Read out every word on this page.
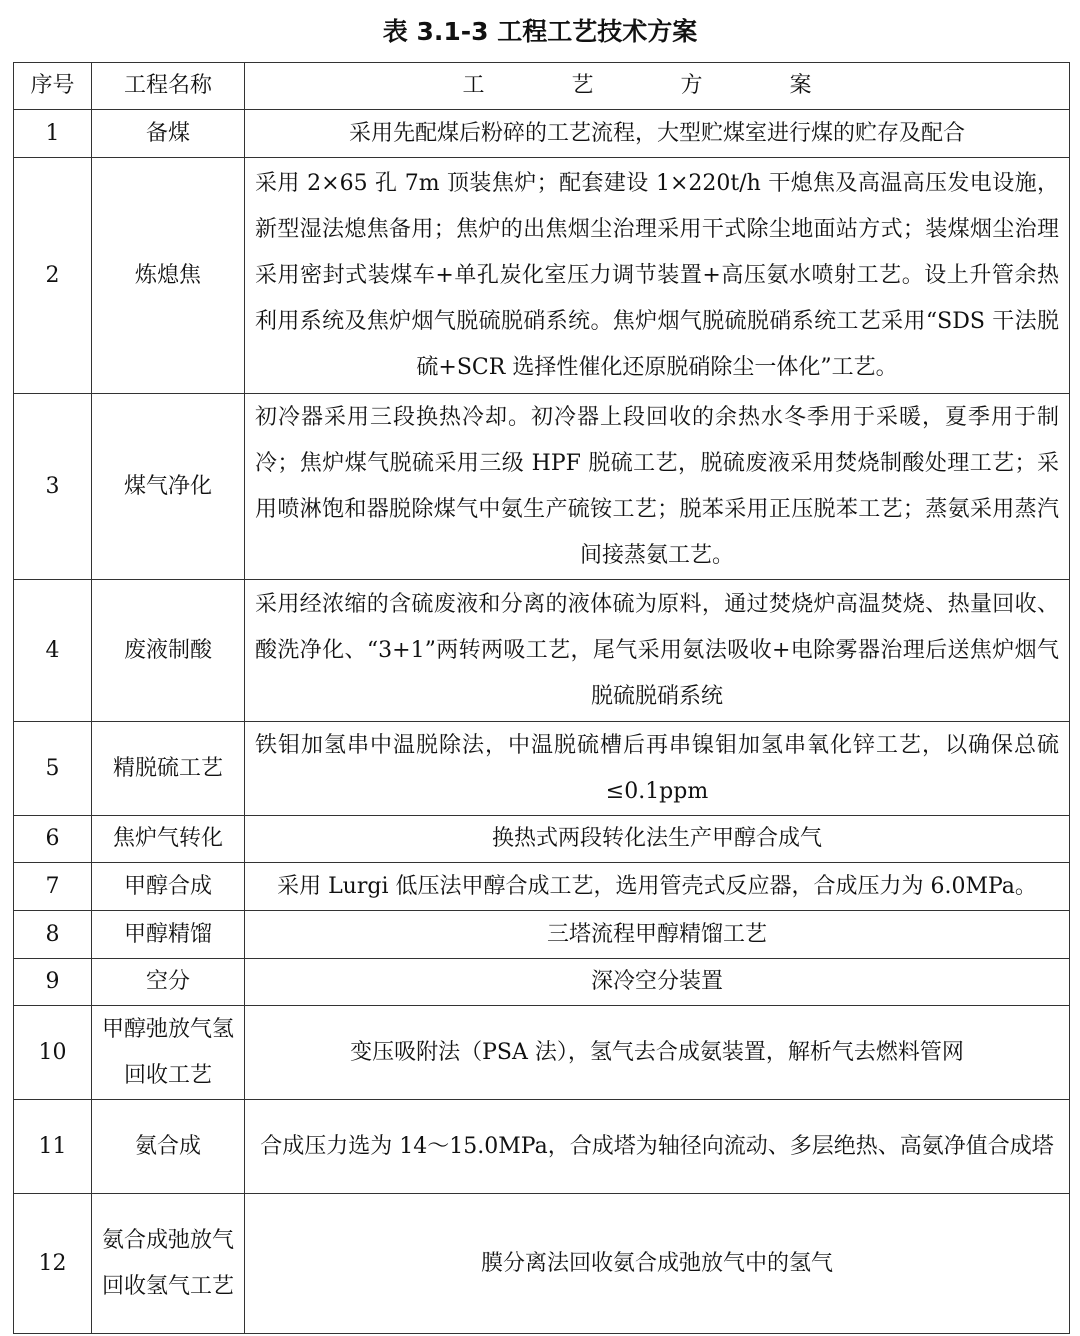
表 3.1-3 工程工艺技术方案
序号	工程名称	工 艺 方 案
1	备煤	采用先配煤后粉碎的工艺流程，大型贮煤室进行煤的贮存及配合
2	炼熄焦	采用 2×65 孔 7m 顶装焦炉；配套建设 1×220t/h 干熄焦及高温高压发电设施，新型湿法熄焦备用；焦炉的出焦烟尘治理采用干式除尘地面站方式；装煤烟尘治理采用密封式装煤车+单孔炭化室压力调节装置+高压氨水喷射工艺。设上升管余热利用系统及焦炉烟气脱硫脱硝系统。焦炉烟气脱硫脱硝系统工艺采用“SDS 干法脱硫+SCR 选择性催化还原脱硝除尘一体化”工艺。
3	煤气净化	初冷器采用三段换热冷却。初冷器上段回收的余热水冬季用于采暖，夏季用于制冷；焦炉煤气脱硫采用三级 HPF 脱硫工艺，脱硫废液采用焚烧制酸处理工艺；采用喷淋饱和器脱除煤气中氨生产硫铵工艺；脱苯采用正压脱苯工艺；蒸氨采用蒸汽间接蒸氨工艺。
4	废液制酸	采用经浓缩的含硫废液和分离的液体硫为原料，通过焚烧炉高温焚烧、热量回收、酸洗净化、“3+1”两转两吸工艺，尾气采用氨法吸收+电除雾器治理后送焦炉烟气脱硫脱硝系统
5	精脱硫工艺	铁钼加氢串中温脱除法，中温脱硫槽后再串镍钼加氢串氧化锌工艺，以确保总硫≤0.1ppm
6	焦炉气转化	换热式两段转化法生产甲醇合成气
7	甲醇合成	采用 Lurgi 低压法甲醇合成工艺，选用管壳式反应器，合成压力为 6.0MPa。
8	甲醇精馏	三塔流程甲醇精馏工艺
9	空分	深冷空分装置
10	甲醇弛放气氢回收工艺	变压吸附法（PSA 法），氢气去合成氨装置，解析气去燃料管网
11	氨合成	合成压力选为 14～15.0MPa，合成塔为轴径向流动、多层绝热、高氨净值合成塔
12	氨合成弛放气回收氢气工艺	膜分离法回收氨合成弛放气中的氢气
